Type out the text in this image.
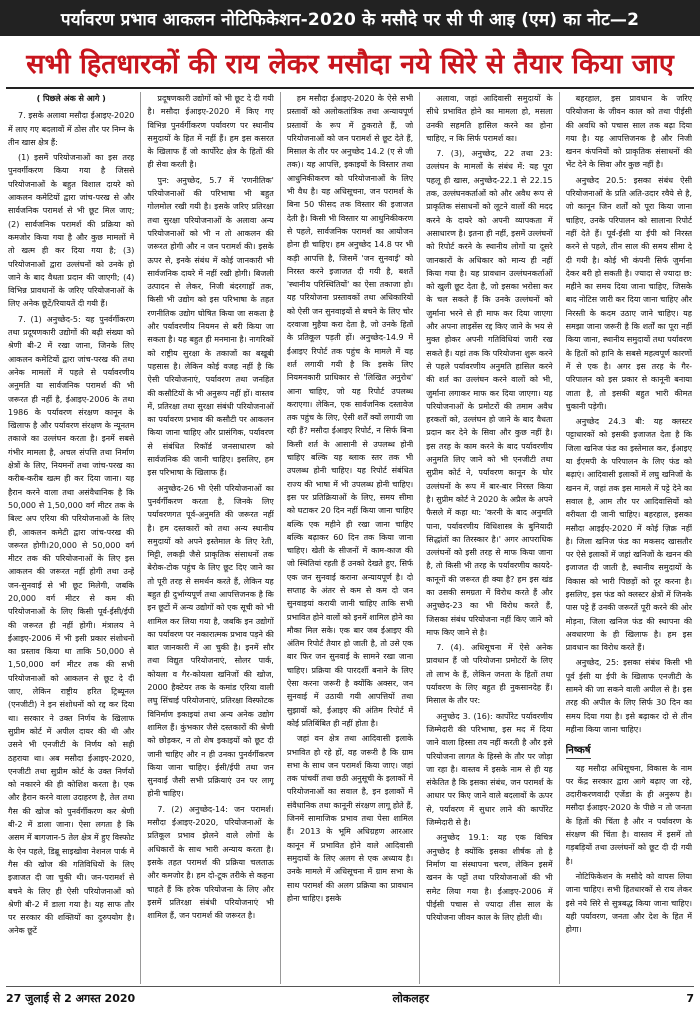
पर्यावरण प्रभाव आकलन नोटिफिकेशन-2020 के मसौदे पर सी पी आइ (एम) का नोट—2
सभी हितधारकों की राय लेकर मसौदा नये सिरे से तैयार किया जाए

( पिछले अंक से आगे )

7. इसके अलावा मसौदा ईआइए-2020 में लाए गए बदलावों में ठोस तौर पर निम्न के तीन खास क्षेत्र हैं:

(1) इसमें परियोजनाओं का इस तरह पुनवर्गीकरण किया गया है जिससे परियोजनाओं के बहुत विशाल दायरे को आकलन कमेटियों द्वारा जांच-परख से और सार्वजनिक परामर्श से भी छूट मिल जाए; (2) सार्वजनिक परामर्श की प्रक्रिया को कमजोर किया गया है और कुछ मामलों में तो खत्म ही कर दिया गया है; (3) परियोजनाओं द्वारा उल्लंघनों को उनके हो जाने के बाद वैधता प्रदान की जाएगी; (4) विभिन्न प्रावधानों के जरिए परियोजनाओं के लिए अनेक छूटें/रियायतें दी गयी हैं।

7. (1) अनुच्छेद-5: यह पुनर्वर्गीकरण तथा प्रदूषणकारी उद्योगों की बढ़ी संख्या को श्रेणी बी-2 में रखा जाना, जिनके लिए आकलन कमेटियों द्वारा जांच-परख की तथा अनेक मामलों में पहले से पर्यावरणीय अनुमति या सार्वजनिक परामर्श की भी जरूरत ही नहीं है, ईआइए-2006 के तथा 1986 के पर्यावरण संरक्षण कानून के खिलाफ है और पर्यावरण संरक्षण के न्यूनतम तकाजे का उल्लंघन करता है। इनमें सबसे गंभीर मामला है, अचल संपत्ति तथा निर्माण क्षेत्रों के लिए, नियमनों तथा जांच-परख का करीब-करीब खत्म ही कर दिया जाना। यह हैरान करने वाला तथा असंवैधानिक है कि 50,000 से 1,50,000 वर्ग मीटर तक के बिल्ट अप एरिया की परियोजनाओं के लिए ही, आकलन कमेटी द्वारा जांच-परख की जरूरत होगी।20,000 से 50,000 वर्ग मीटर तक की परियोजनाओं के लिए इस आकलन की जरूरत नहीं होगी तथा उन्हें जन-सुनवाई से भी छूट मिलेगी, जबकि 20,000 वर्ग मीटर से कम की परियोजनाओं के लिए किसी पूर्व-ईसी/ईपी की जरूरत ही नहीं होगी। मंत्रालय ने ईआइए-2006 में भी इसी प्रकार संशोधनों का प्रस्ताव किया था ताकि 50,000 से 1,50,000 वर्ग मीटर तक की सभी परियोजनाओं को आकलन से छूट दे दी जाए, लेकिन राष्ट्रीय हरित ट्रिब्यूनल (एनजीटी) ने इन संशोधनों को रद्द कर दिया था। सरकार ने उक्त निर्णय के खिलाफ सुप्रीम कोर्ट में अपील दायर की थी और उसने भी एनजीटी के निर्णय को सही ठहराया था। अब मसौदा ईआइए-2020, एनजीटी तथा सुप्रीम कोर्ट के उक्त निर्णयों को नकारने की ही कोशिश करता है। एक और हैरान करने वाला उदाहरण है, तेल तथा गैस की खोज को पुनर्वर्गीकरण कर श्रेणी बी-2 में डाला जाना। ऐसा लगता है कि असम में बागजान-5 तेल क्षेत्र में हुए विस्फोट के ऐन पहले, डिब्रू साइखोवा नेशनल पार्क में गैस की खोज की गतिविधियों के लिए इजाजत दी जा चुकी थी। जन-परामर्श से बचने के लिए ही ऐसी परियोजनाओं को श्रेणी बी-2 में डाला गया है। यह साफ तौर पर सरकार की शक्तियों का दुरुपयोग है। अनेक छूटें

प्रदूषणकारी उद्योगों को भी छूट दे दी गयी है। मसौदा ईआइए-2020 में किए गए विभिन्न पुनर्वर्गीकरण पर्यावरण पर स्थानीय समुदायों के हित में नहीं हैं। हम इस कसरत के खिलाफ हैं जो कार्पोरेट क्षेत्र के हितों की ही सेवा करती है।

पुन: अनुच्छेद, 5.7 में 'रणनीतिक' परियोजनाओं की परिभाषा भी बहुत गोलमोल रखी गयी है। इसके जरिए प्रतिरक्षा तथा सुरक्षा परियोजनाओं के अलावा अन्य परियोजनाओं को भी न तो आकलन की जरूरत होगी और न जन परामर्श की। इसके ऊपर से, इनके संबंध में कोई जानकारी भी सार्वजनिक दायरे में नहीं रखी होगी। बिजली उत्पादन से लेकर, निजी बंदरगाहों तक, किसी भी उद्योग को इस परिभाषा के तहत रणनीतिक उद्योग घोषित किया जा सकता है और पर्यावरणीय नियमन से बरी किया जा सकता है। यह बहुत ही मनमाना है। नागरिकों को राष्ट्रीय सुरक्षा के तकाजों का बखूबी पहसास है। लेकिन कोई वजह नहीं है कि ऐसी परियोजनाएं, पर्यावरण तथा जनहित की कसौटियों के भी अनुरूप नहीं हों। वास्तव में, प्रतिरक्षा तथा सुरक्षा संबंधी परियोजनाओं का पर्यावरण प्रभाव की कसौटी पर आकलन किया जाना चाहिए और प्रासंगिक, पर्यावरण से संबंधित रिकॉर्ड जनसाधारण को सार्वजनिक की जानी चाहिए। इसलिए, हम इस परिभाषा के खिलाफ हैं।

अनुच्छेद-26 भी ऐसी परियोजनाओं का पुनर्वर्गीकरण करता है, जिनके लिए पर्यावरणगत पूर्व-अनुमति की जरूरत नहीं है। हम दस्तकारों को तथा अन्य स्थानीय समुदायों को अपने इस्तेमाल के लिए रेती, मिट्टी, लकड़ी जैसे प्राकृतिक संसाधनों तक बेरोक-टोक पहुंच के लिए छूट दिए जाने का तो पूरी तरह से समर्थन करते हैं, लेकिन यह बहुत ही दुर्भाग्यपूर्ण तथा आपत्तिजनक है कि इन छूटों में अन्य उद्योगों को एक सूची को भी शामिल कर लिया गया है, जबकि इन उद्योगों का पर्यावरण पर नकारात्मक प्रभाव पड़ने की बात जानकारी में आ चुकी है। इनमें सौर तथा विद्युत परियोजनाएं, सोलर पार्क, कोयला व गैर-कोयला खनिजों की खोज, 2000 हैक्टेयर तक के कमांड एरिया वाली लघु सिंचाई परियोजनाएं, प्रतिरक्षा विस्फोटक विनिर्माण इकाइयां तथा अन्य अनेक उद्योग शामिल हैं। कुंभकार जैसे दस्तकारों की श्रेणी को छोड़कर, न तो शेष इकाइयों को छूट दी जानी चाहिए और न ही उनका पुनर्वर्गीकरण किया जाना चाहिए। ईसी/ईपी तथा जन सुनवाई जैसी सभी प्रक्रियाएं उन पर लागू होनी चाहिए।

7. (2) अनुच्छेद-14: जन परामर्श। मसौदा ईआइए-2020, परियोजनाओं के प्रतिकूल प्रभाव झेलने वाले लोगों के अधिकारों के साथ भारी अन्याय करता है। इसके तहत परामर्श की प्रक्रिया चलताऊ और कमजोर है। हम दो-टूक तरीके से कहना चाहते हैं कि हरेक परियोजना के लिए और इसमें प्रतिरक्षा संबंधी परियोजनाएं भी शामिल हैं, जन परामर्श की जरूरत है।

हम मसौदा ईआइए-2020 के ऐसे सभी प्रस्तावों को अलोकतांत्रिक तथा अन्यायपूर्ण प्रस्तावों के रूप में ठुकराते हैं, जो परियोजनाओं को जन परामर्श से छूट देते हैं, मिसाल के तौर पर अनुच्छेद 14.2 (ए से जी तक)। यह आपत्ति, इकाइयों के विस्तार तथा आधुनिकीकरण को परियोजनाओं के लिए भी वैध है। यह अधिसूचना, जन परामर्श के बिना 50 फीसद तक विस्तार की इजाजत देती है। किसी भी विस्तार या आधुनिकीकरण से पहले, सार्वजनिक परामर्श का आयोजन होना ही चाहिए। हम अनुच्छेद 14.8 पर भी कड़ी आपत्ति है, जिसमें 'जन सुनवाई' को निरस्त करने इजाजत दी गयी है, बशर्ते 'स्थानीय परिस्थितियों' का ऐसा तकाजा हो। यह परियोजना प्रस्तावकों तथा अधिकारियों को ऐसी जन सुनवाइयों से बचने के लिए चोर दरवाजा मुहैया करा देता है, जो उनके हितों के प्रतिकूल पड़ती हों। अनुच्छेद-14.9 में ईआइए रिपोर्ट तक पहुंच के मामले में यह शर्त लगायी गयी है कि इसके लिए नियमनकारी प्राधिकार से 'लिखित अनुरोध' आना चाहिए, जो यह रिपोर्ट उपलब्ध कराएगा। लेकिन, एक सार्वजनिक दस्तावेज तक पहुंच के लिए, ऐसी शर्तें क्यों लगायी जा रही हैं? मसौदा ईआइए रिपोर्ट, न सिर्फ बिना किसी शर्त के आसानी से उपलब्ध होनी चाहिए बल्कि यह ब्लाक स्तर तक भी उपलब्ध होनी चाहिए। यह रिपोर्ट संबंधित राज्य की भाषा में भी उपलब्ध होनी चाहिए। इस पर प्रतिक्रियाओं के लिए, समय सीमा को घटाकर 20 दिन नहीं किया जाना चाहिए बल्कि एक महीने ही रखा जाना चाहिए बल्कि बढ़ाकर 60 दिन तक किया जाना चाहिए। खेती के सीजनों में काम-काज की जो स्थितियां रहती हैं उनको देखते हुए, सिर्फ एक जन सुनवाई कराना अन्यायपूर्ण है। दो सप्ताह के अंतर से कम से कम दो जन सुनवाइयां करायी जानी चाहिए ताकि सभी प्रभावित होने वालों को इनमें शामिल होने का मौका मिल सके। एक बार जब ईआइए की अंतिम रिपोर्ट तैयार हो जाती है, तो उसे एक बार फिर जन सुनवाई के सामने रखा जाना चाहिए। प्रक्रिया की पारदर्शी बनाने के लिए ऐसा करना जरूरी है क्योंकि अक्सर, जन सुनवाई में उठायी गयी आपत्तियों तथा सुझावों को, ईआइए की अंतिम रिपोर्ट में कोई प्रतिबिंबित ही नहीं होता है।

जहां वन क्षेत्र तथा आदिवासी इलाके प्रभावित हो रहे हों, वह जरूरी है कि ग्राम सभा के साथ जन परामर्श किया जाए। जहां तक पांचवीं तथा छठी अनुसूची के इलाकों में परियोजनाओं का सवाल है, इन इलाकों में संवैधानिक तथा कानूनी संरक्षण लागू होते हैं, जिनमें सामाजिक प्रभाव तथा पेसा शामिल हैं। 2013 के भूमि अधिग्रहण आरआर कानून में प्रभावित होने वाले आदिवासी समुदायों के लिए अलग से एक अध्याय है। उनके मामले में अधिसूचना में ग्राम सभा के साथ परामर्श की अलग प्रक्रिया का प्रावधान होना चाहिए। इसके

अलावा, जहां आदिवासी समुदायों के सीधे प्रभावित होने का मामला हो, मसला उनकी सहमति हासिल करने का होना चाहिए, न कि सिर्फ परामर्श का।

7. (3), अनुच्छेद, 22 तथा 23: उल्लंघन के मामलों के संबंध में: यह पूरा पहलू ही खास, अनुच्छेद-22.1 से 22.15 तक, उल्लंघनकर्ताओं को और अवैध रूप से प्राकृतिक संसाधनों को लूटने वालों की मदद करने के दायरे को अपनी व्यापकता में असाधारण है। इतना ही नहीं, इसमें उल्लंघनों को रिपोर्ट करने के स्थानीय लोगों या दूसरे जानकारों के अधिकार को मान्य ही नहीं किया गया है। यह प्रावधान उल्लंघनकर्ताओं को खुली छूट देता है, जो इसका भरोसा कर के चल सकते हैं कि उनके उल्लंघनों को जुर्माना भरने से ही माफ कर दिया जाएगा और अपना लाइसेंस रद्द किए जाने के भय से मुक्त होकर अपनी गतिविधियां जारी रख सकते हैं। यहां तक कि परियोजना शुरू करने से पहले पर्यावरणीय अनुमति हासिल करने की शर्त का उल्लंघन करने वालों को भी, जुर्माना लगाकर माफ कर दिया जाएगा। यह परियोजनाओं के प्रमोटरों की तमाम अवैध हरकतों को, उल्लंघन हो जाने के बाद वैधता प्रदान कर देने के सिवा और कुछ नहीं है। इस तरह के काम करने के बाद पर्यावरणीय अनुमति लिए जाने को भी एनजीटी तथा सुप्रीम कोर्ट ने, पर्यावरण कानून के घोर उल्लंघनों के रूप में बार-बार निरस्त किया है। सुप्रीम कोर्ट ने 2020 के अप्रैल के अपने फैसले में कहा था: 'करनी के बाद अनुमति पाना, पर्यावरणीय विधिशास्त्र के बुनियादी सिद्धांतों का तिरस्कार है।' अगर आपराधिक उल्लंघनों को इसी तरह से माफ किया जाना है, तो किसी भी तरह के पर्यावरणीय कायदे-कानूनों की जरूरत ही क्या है? हम इस खंड का उसकी समग्रता में विरोध करते हैं और अनुच्छेद-23 का भी विरोध करते हैं, जिसका संबंध परियोजना नहीं किए जाने को माफ किए जाने से है।

7. (4). अधिसूचना में ऐसे अनेक प्रावधान हैं जो परियोजना प्रमोटरों के लिए तो लाभ के हैं, लेकिन जनता के हितों तथा पर्यावरण के लिए बहुत ही नुकसानदेह हैं। मिसाल के तौर पर:

अनुच्छेद 3. (16): कार्पोरेट पर्यावरणीय जिम्मेदारी की परिभाषा, इस मद में दिया जाने वाला हिस्सा तय नहीं करती है और इसे परियोजना लागत के हिस्से के तौर पर जोड़ा जा रहा है। वास्तव में इसके नाम से ही यह संकेतित है कि इसका संबंध, जन परामर्श के आधार पर किए जाने वाले बदलावों के ऊपर से, पर्यावरण में सुधार लाने की कार्पोरेट जिम्मेदारी से है।

अनुच्छेद 19.1: यह एक विचित्र अनुच्छेद है क्योंकि इसका शीर्षक तो है निर्माण या संस्थापना चरण, लेकिन इसमें खनन के पट्टों तथा परियोजनाओं की भी समेट लिया गया है। ईआइए-2006 में पीईसी पचास से ज्यादा तीस साल के परियोजना जीवन काल के लिए होती थी।

बहरहाल, इस प्रावधान के जरिए परियोजना के जीवन काल को तथा पीईसी की अवधि को पचास साल तक बढ़ा दिया गया है। यह आपत्तिजनक है और निजी खनन कंपनियों को प्राकृतिक संसाधनों की भेंट देने के सिवा और कुछ नहीं है।

अनुच्छेद 20.5: इसका संबंध ऐसी परियोजनाओं के प्रति अति-उदार रवैये से है, जो कानून जिन शर्तों को पूरा किया जाना चाहिए, उनके परिपालन को सालाना रिपोर्ट नहीं देते हैं। पूर्व-ईसी या ईपी को निरस्त करने से पहले, तीन साल की समय सीमा दे दी गयी है। कोई भी कंपनी सिर्फ जुर्माना देकर बरी हो सकती है। ज्यादा से ज्यादा छ: महीने का समय दिया जाना चाहिए, जिसके बाद नोटिस जारी कर दिया जाना चाहिए और निरस्ती के कदम उठाए जाने चाहिए। यह समझा जाना जरूरी है कि शर्तों का पूरा नहीं किया जाना, स्थानीय समुदायों तथा पर्यावरण के हितों को हानि के सबसे महत्वपूर्ण कारणों में से एक है। अगर इस तरह के गैर-परिपालन को इस प्रकार से कानूनी बनाया जाता है, तो इसकी बहुत भारी कीमत चुकानी पड़ेगी।

अनुच्छेद 24.3 बी: यह क्लस्टर पट्टाधारकों को इसकी इजाजत देता है कि जिला खनिज फंड का इस्तेमाल कर, ईआइए या ईएमपी के परिपालन के लिए फंड को बढ़ाएं। आदिवासी इलाकों में लघु खनिजों के खनन में, जहां तक इस मामले में पट्टे देने का सवाल है, आम तौर पर आदिवासियों को वरीयता दी जानी चाहिए। बहरहाल, इसका मसौदा आइईए-2020 में कोई ज़िक्र नहीं है। जिला खनिज फंड का मकसद खासतौर पर ऐसे इलाकों में जहां खनिजों के खनन की इजाजत दी जाती है, स्थानीय समुदायों के विकास को भारी पिछड़ों को दूर करना है। इसलिए, इस फंड को क्लस्टर क्षेत्रों में जिनके पास पट्टे हैं उनकी जरूरतें पूरी करने की ओर मोड़ना, जिला खनिज फंड की स्थापना की अवधारणा के ही खिलाफ है। हम इस प्रावधान का विरोध करते हैं।

अनुच्छेद, 25: इसका संबंध किसी भी पूर्व ईसी या ईपी के खिलाफ एनजीटी के सामने की जा सकने वाली अपील से है। इस तरह की अपील के लिए सिर्फ 30 दिन का समय दिया गया है। इसे बढ़ाकर दो से तीन महीना किया जाना चाहिए।

निष्कर्ष

यह मसौदा अधिसूचना, विकास के नाम पर केंद्र सरकार द्वारा आगे बढ़ाए जा रहे, उदारीकरणवादी एजेंडा के ही अनुरूप है। मसौदा ईआइए-2020 के पीछे न तो जनता के हितों की चिंता है और न पर्यावरण के संरक्षण की चिंता है। वास्तव में इसमें तो गड़बड़ियों तथा उल्लंघनों को छूट दी दी गयी है।

नोटिफिकेशन के मसौदे को वापस लिया जाना चाहिए। सभी हितधारकों से राय लेकर इसे नये सिरे से सुत्रबद्ध किया जाना चाहिए। यही पर्यावरण, जनता और देश के हित में होगा।

27 जुलाई से 2 अगस्त 2020	लोकलहर	7
